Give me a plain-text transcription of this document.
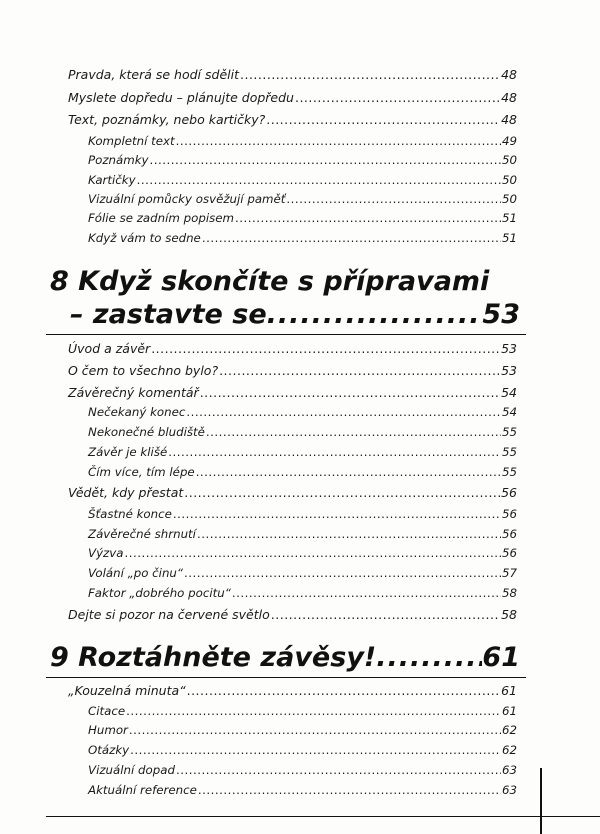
Pravda, která se hodí sdělit .....	48
Myslete dopředu – plánujte dopředu .....	48
Text, poznámky, nebo kartičky? .....	48
Kompletní text .....	49
Poznámky .....	50
Kartičky .....	50
Vizuální pomůcky osvěžují paměť .....	50
Fólie se zadním popisem .....	51
Když vám to sedne .....	51
8 Když skončíte s přípravami
– zastavte se .....	53
Úvod a závěr .....	53
O čem to všechno bylo? .....	53
Závěrečný komentář .....	54
Nečekaný konec .....	54
Nekonečné bludiště .....	55
Závěr je klišé .....	55
Čím více, tím lépe .....	55
Vědět, kdy přestat .....	56
Šťastné konce .....	56
Závěrečné shrnutí .....	56
Výzva .....	56
Volání „po činu“ .....	57
Faktor „dobrého pocitu“ .....	58
Dejte si pozor na červené světlo .....	58
9 Roztáhněte závěsy! .....	61
„Kouzelná minuta“ .....	61
Citace .....	61
Humor .....	62
Otázky .....	62
Vizuální dopad .....	63
Aktuální reference .....	63
